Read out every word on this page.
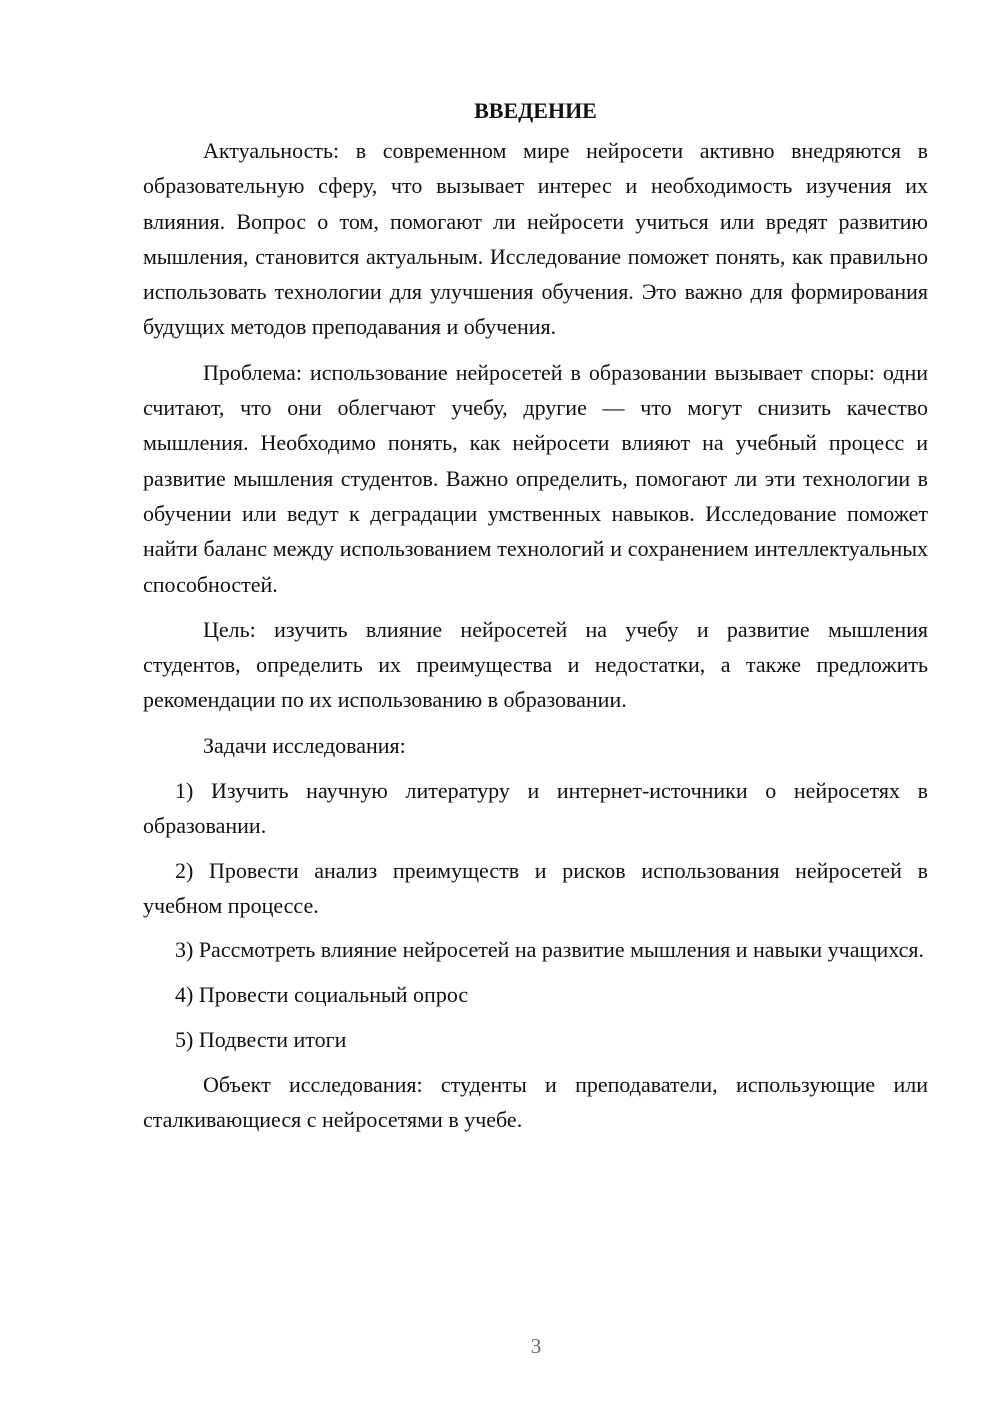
ВВЕДЕНИЕ

Актуальность: в современном мире нейросети активно внедряются в образовательную сферу, что вызывает интерес и необходимость изучения их влияния. Вопрос о том, помогают ли нейросети учиться или вредят развитию мышления, становится актуальным. Исследование поможет понять, как правильно использовать технологии для улучшения обучения. Это важно для формирования будущих методов преподавания и обучения.

Проблема: использование нейросетей в образовании вызывает споры: одни считают, что они облегчают учебу, другие — что могут снизить качество мышления. Необходимо понять, как нейросети влияют на учебный процесс и развитие мышления студентов. Важно определить, помогают ли эти технологии в обучении или ведут к деградации умственных навыков. Исследование поможет найти баланс между использованием технологий и сохранением интеллектуальных способностей.

Цель: изучить влияние нейросетей на учебу и развитие мышления студентов, определить их преимущества и недостатки, а также предложить рекомендации по их использованию в образовании.

Задачи исследования:

1) Изучить научную литературу и интернет-источники о нейросетях в образовании.

2) Провести анализ преимуществ и рисков использования нейросетей в учебном процессе.

3) Рассмотреть влияние нейросетей на развитие мышления и навыки учащихся.

4) Провести социальный опрос

5) Подвести итоги

Объект исследования: студенты и преподаватели, использующие или сталкивающиеся с нейросетями в учебе.

3
